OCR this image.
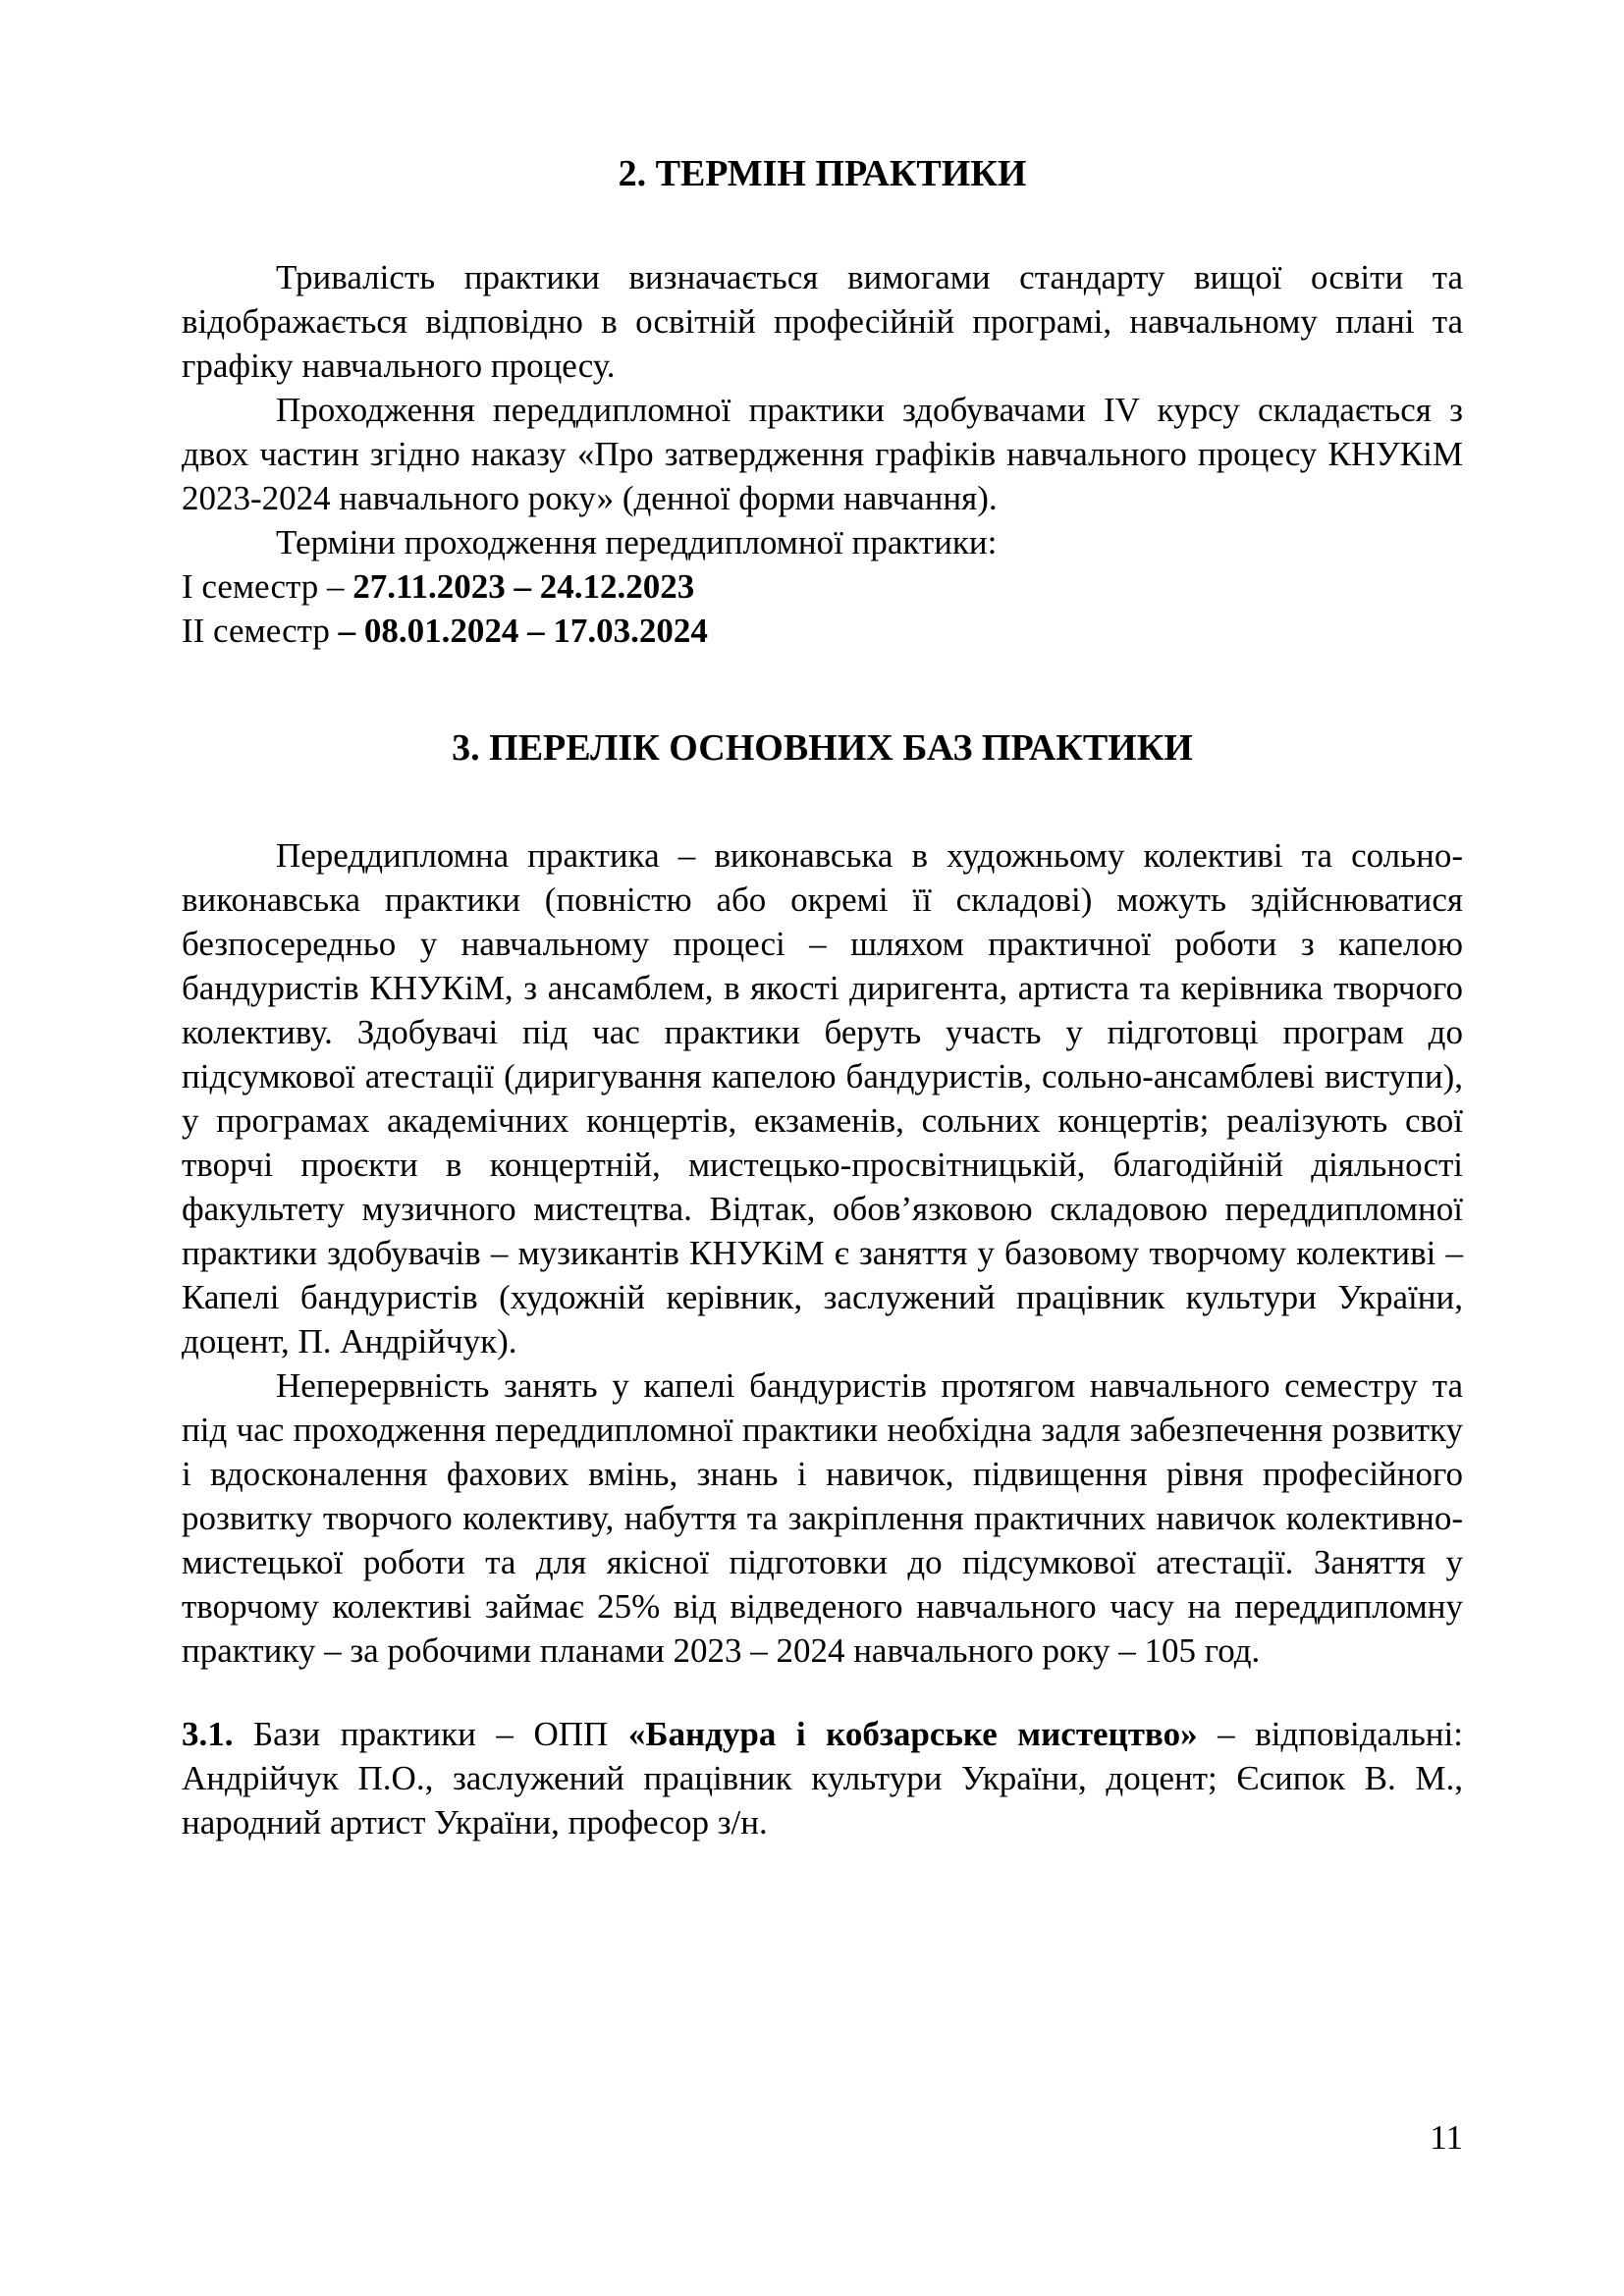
2. ТЕРМІН ПРАКТИКИ

Тривалість практики визначається вимогами стандарту вищої освіти та відображається відповідно в освітній професійній програмі, навчальному плані та графіку навчального процесу.

Проходження переддипломної практики здобувачами IV курсу складається з двох частин згідно наказу «Про затвердження графіків навчального процесу КНУКіМ 2023-2024 навчального року» (денної форми навчання).

Терміни проходження переддипломної практики:

І семестр – 27.11.2023 – 24.12.2023

ІІ семестр – 08.01.2024 – 17.03.2024

3. ПЕРЕЛІК ОСНОВНИХ БАЗ ПРАКТИКИ

Переддипломна практика – виконавська в художньому колективі та сольно-виконавська практики (повністю або окремі її складові) можуть здійснюватися безпосередньо у навчальному процесі – шляхом практичної роботи з капелою бандуристів КНУКіМ, з ансамблем, в якості диригента, артиста та керівника творчого колективу. Здобувачі під час практики беруть участь у підготовці програм до підсумкової атестації (диригування капелою бандуристів, сольно-ансамблеві виступи), у програмах академічних концертів, екзаменів, сольних концертів; реалізують свої творчі проєкти в концертній, мистецько-просвітницькій, благодійній діяльності факультету музичного мистецтва. Відтак, обов’язковою складовою переддипломної практики здобувачів – музикантів КНУКіМ є заняття у базовому творчому колективі – Капелі бандуристів (художній керівник, заслужений працівник культури України, доцент, П. Андрійчук).

Неперервність занять у капелі бандуристів протягом навчального семестру та під час проходження переддипломної практики необхідна задля забезпечення розвитку і вдосконалення фахових вмінь, знань і навичок, підвищення рівня професійного розвитку творчого колективу, набуття та закріплення практичних навичок колективно-мистецької роботи та для якісної підготовки до підсумкової атестації. Заняття у творчому колективі займає 25% від відведеного навчального часу на переддипломну практику – за робочими планами 2023 – 2024 навчального року – 105 год.

3.1. Бази практики – ОПП «Бандура і кобзарське мистецтво» – відповідальні: Андрійчук П.О., заслужений працівник культури України, доцент; Єсипок В. М., народний артист України, професор з/н.

11
